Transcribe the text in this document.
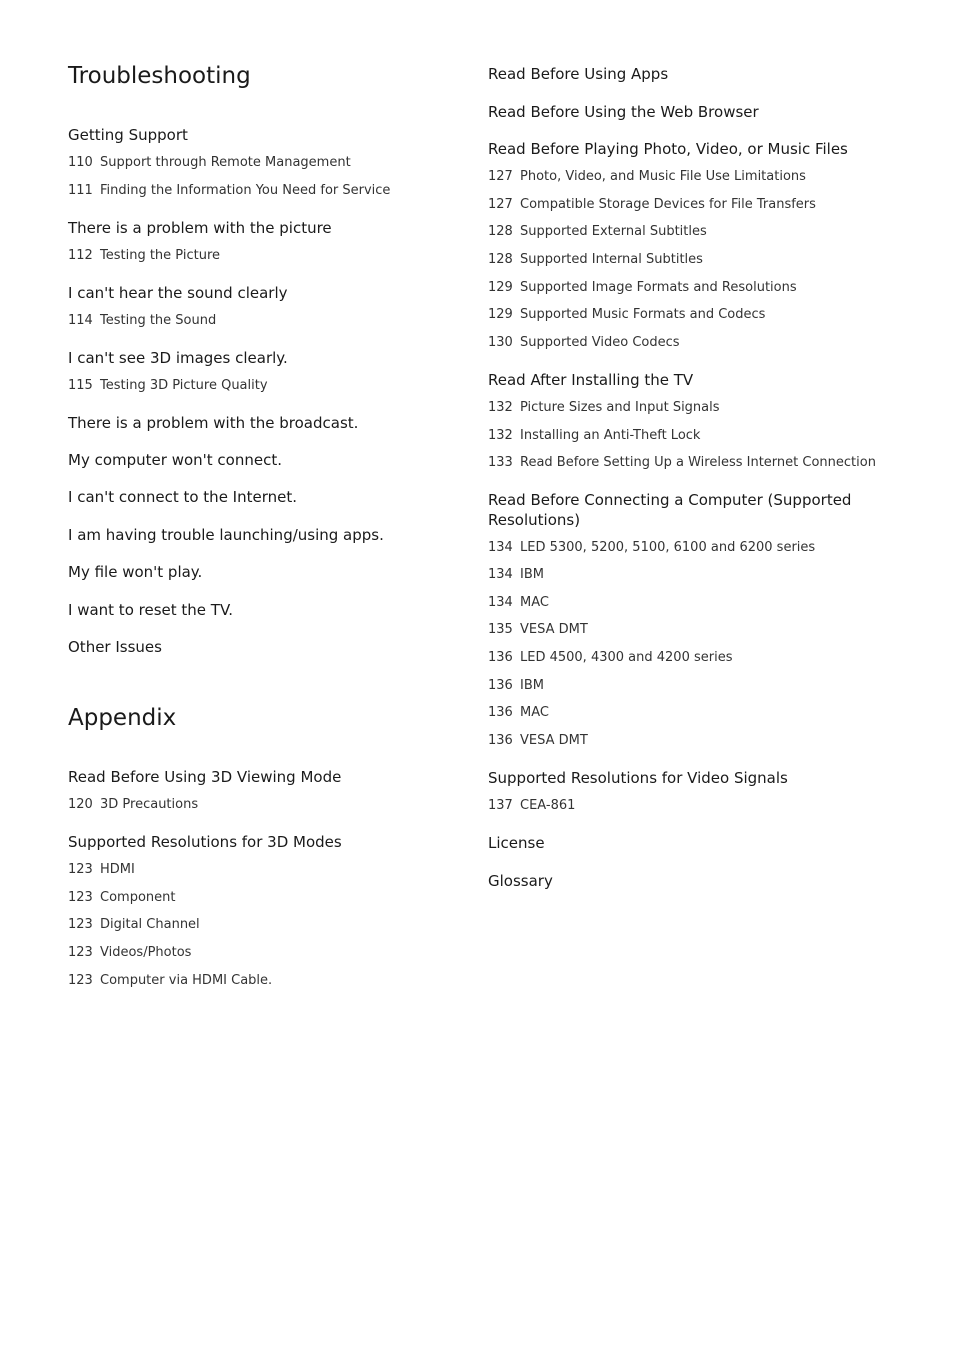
Troubleshooting
Getting Support
110 Support through Remote Management
111 Finding the Information You Need for Service
There is a problem with the picture
112 Testing the Picture
I can't hear the sound clearly
114 Testing the Sound
I can't see 3D images clearly.
115 Testing 3D Picture Quality
There is a problem with the broadcast.
My computer won't connect.
I can't connect to the Internet.
I am having trouble launching/using apps.
My file won't play.
I want to reset the TV.
Other Issues
Appendix
Read Before Using 3D Viewing Mode
120 3D Precautions
Supported Resolutions for 3D Modes
123 HDMI
123 Component
123 Digital Channel
123 Videos/Photos
123 Computer via HDMI Cable.
Read Before Using Apps
Read Before Using the Web Browser
Read Before Playing Photo, Video, or Music Files
127 Photo, Video, and Music File Use Limitations
127 Compatible Storage Devices for File Transfers
128 Supported External Subtitles
128 Supported Internal Subtitles
129 Supported Image Formats and Resolutions
129 Supported Music Formats and Codecs
130 Supported Video Codecs
Read After Installing the TV
132 Picture Sizes and Input Signals
132 Installing an Anti-Theft Lock
133 Read Before Setting Up a Wireless Internet Connection
Read Before Connecting a Computer (Supported Resolutions)
134 LED 5300, 5200, 5100, 6100 and 6200 series
134 IBM
134 MAC
135 VESA DMT
136 LED 4500, 4300 and 4200 series
136 IBM
136 MAC
136 VESA DMT
Supported Resolutions for Video Signals
137 CEA-861
License
Glossary
